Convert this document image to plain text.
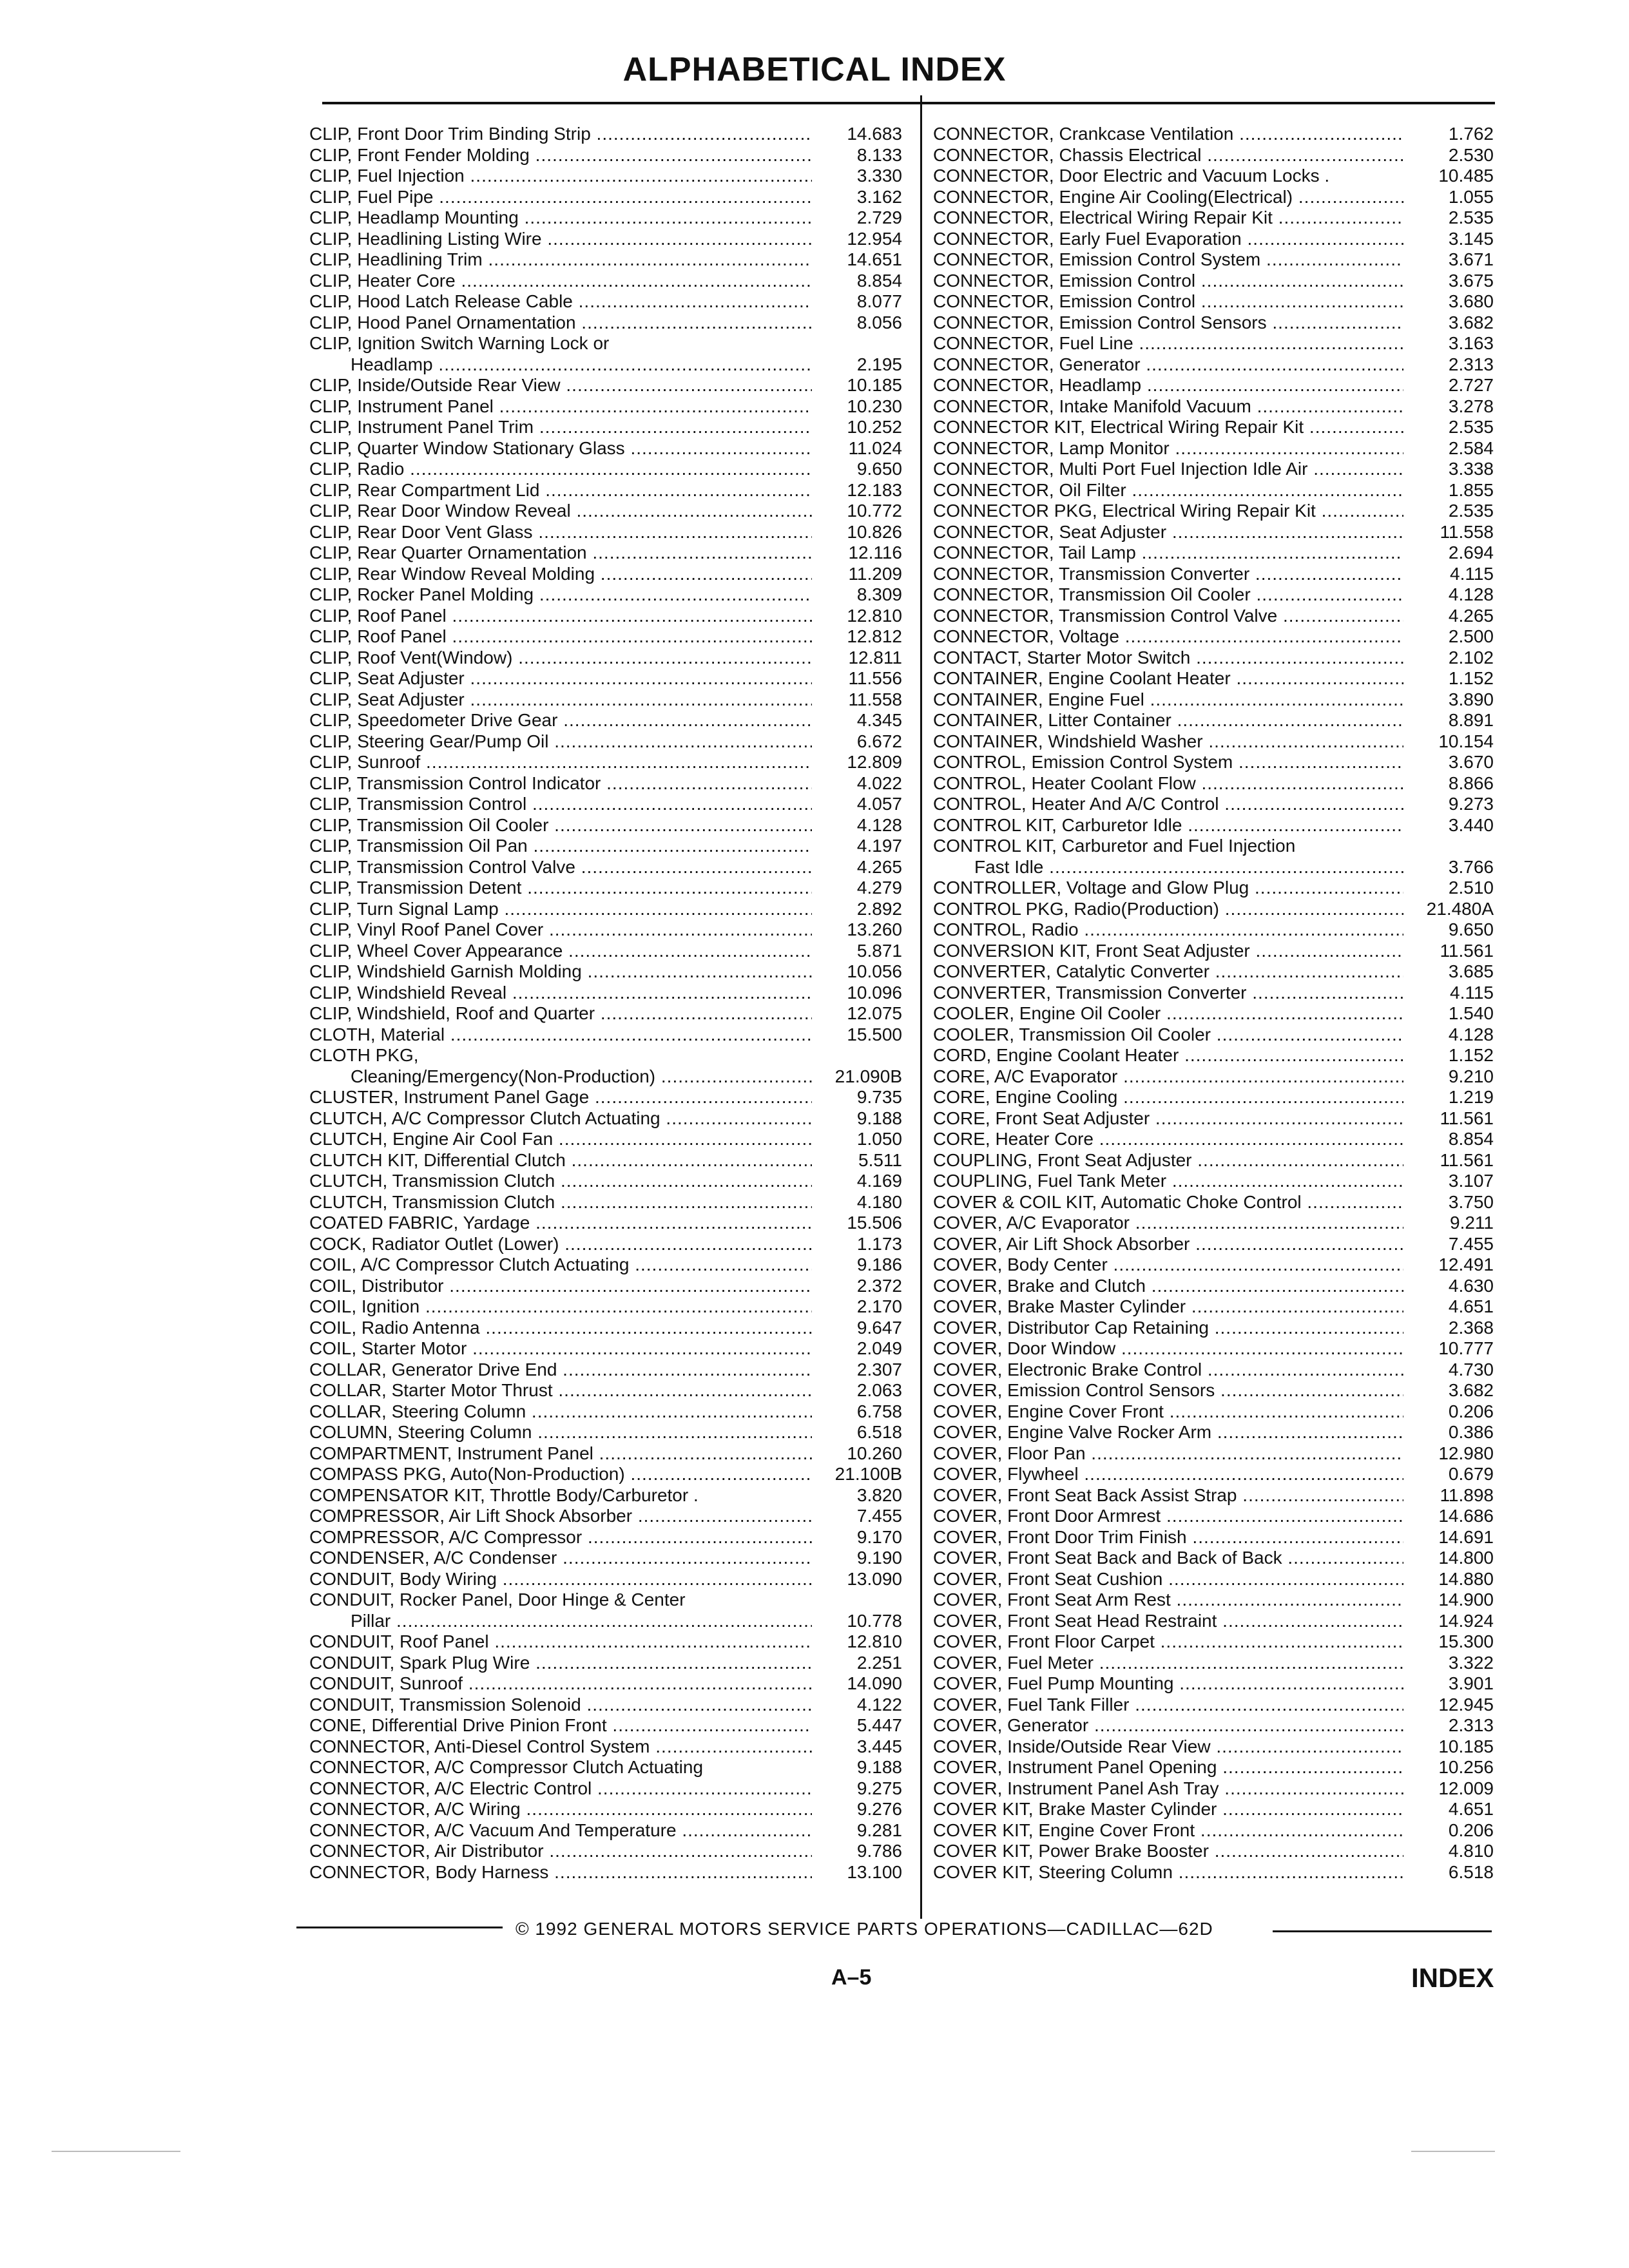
ALPHABETICAL INDEX
CLIP, Front Door Trim Binding Strip .....	14.683
CLIP, Front Fender Molding .....	8.133
CLIP, Fuel Injection .....	3.330
CLIP, Fuel Pipe .....	3.162
CLIP, Headlamp Mounting .....	2.729
CLIP, Headlining Listing Wire .....	12.954
CLIP, Headlining Trim .....	14.651
CLIP, Heater Core .....	8.854
CLIP, Hood Latch Release Cable .....	8.077
CLIP, Hood Panel Ornamentation .....	8.056
CLIP, Ignition Switch Warning Lock or
Headlamp .....	2.195
CLIP, Inside/Outside Rear View .....	10.185
CLIP, Instrument Panel .....	10.230
CLIP, Instrument Panel Trim .....	10.252
CLIP, Quarter Window Stationary Glass .....	11.024
CLIP, Radio .....	9.650
CLIP, Rear Compartment Lid .....	12.183
CLIP, Rear Door Window Reveal .....	10.772
CLIP, Rear Door Vent Glass .....	10.826
CLIP, Rear Quarter Ornamentation .....	12.116
CLIP, Rear Window Reveal Molding .....	11.209
CLIP, Rocker Panel Molding .....	8.309
CLIP, Roof Panel .....	12.810
CLIP, Roof Panel .....	12.812
CLIP, Roof Vent(Window) .....	12.811
CLIP, Seat Adjuster .....	11.556
CLIP, Seat Adjuster .....	11.558
CLIP, Speedometer Drive Gear .....	4.345
CLIP, Steering Gear/Pump Oil .....	6.672
CLIP, Sunroof .....	12.809
CLIP, Transmission Control Indicator .....	4.022
CLIP, Transmission Control .....	4.057
CLIP, Transmission Oil Cooler .....	4.128
CLIP, Transmission Oil Pan .....	4.197
CLIP, Transmission Control Valve .....	4.265
CLIP, Transmission Detent .....	4.279
CLIP, Turn Signal Lamp .....	2.892
CLIP, Vinyl Roof Panel Cover .....	13.260
CLIP, Wheel Cover Appearance .....	5.871
CLIP, Windshield Garnish Molding .....	10.056
CLIP, Windshield Reveal .....	10.096
CLIP, Windshield, Roof and Quarter .....	12.075
CLOTH, Material .....	15.500
CLOTH PKG,
Cleaning/Emergency(Non-Production) .....	21.090B
CLUSTER, Instrument Panel Gage .....	9.735
CLUTCH, A/C Compressor Clutch Actuating .....	9.188
CLUTCH, Engine Air Cool Fan .....	1.050
CLUTCH KIT, Differential Clutch .....	5.511
CLUTCH, Transmission Clutch .....	4.169
CLUTCH, Transmission Clutch .....	4.180
COATED FABRIC, Yardage .....	15.506
COCK, Radiator Outlet (Lower) .....	1.173
COIL, A/C Compressor Clutch Actuating .....	9.186
COIL, Distributor .....	2.372
COIL, Ignition .....	2.170
COIL, Radio Antenna .....	9.647
COIL, Starter Motor .....	2.049
COLLAR, Generator Drive End .....	2.307
COLLAR, Starter Motor Thrust .....	2.063
COLLAR, Steering Column .....	6.758
COLUMN, Steering Column .....	6.518
COMPARTMENT, Instrument Panel .....	10.260
COMPASS PKG, Auto(Non-Production) .....	21.100B
COMPENSATOR KIT, Throttle Body/Carburetor .	3.820
COMPRESSOR, Air Lift Shock Absorber .....	7.455
COMPRESSOR, A/C Compressor .....	9.170
CONDENSER, A/C Condenser .....	9.190
CONDUIT, Body Wiring .....	13.090
CONDUIT, Rocker Panel, Door Hinge & Center
Pillar .....	10.778
CONDUIT, Roof Panel .....	12.810
CONDUIT, Spark Plug Wire .....	2.251
CONDUIT, Sunroof .....	14.090
CONDUIT, Transmission Solenoid .....	4.122
CONE, Differential Drive Pinion Front .....	5.447
CONNECTOR, Anti-Diesel Control System .....	3.445
CONNECTOR, A/C Compressor Clutch Actuating	9.188
CONNECTOR, A/C Electric Control .....	9.275
CONNECTOR, A/C Wiring .....	9.276
CONNECTOR, A/C Vacuum And Temperature .....	9.281
CONNECTOR, Air Distributor .....	9.786
CONNECTOR, Body Harness .....	13.100
CONNECTOR, Crankcase Ventilation .....	1.762
CONNECTOR, Chassis Electrical .....	2.530
CONNECTOR, Door Electric and Vacuum Locks .	10.485
CONNECTOR, Engine Air Cooling(Electrical) .....	1.055
CONNECTOR, Electrical Wiring Repair Kit .....	2.535
CONNECTOR, Early Fuel Evaporation .....	3.145
CONNECTOR, Emission Control System .....	3.671
CONNECTOR, Emission Control .....	3.675
CONNECTOR, Emission Control .....	3.680
CONNECTOR, Emission Control Sensors .....	3.682
CONNECTOR, Fuel Line .....	3.163
CONNECTOR, Generator .....	2.313
CONNECTOR, Headlamp .....	2.727
CONNECTOR, Intake Manifold Vacuum .....	3.278
CONNECTOR KIT, Electrical Wiring Repair Kit .....	2.535
CONNECTOR, Lamp Monitor .....	2.584
CONNECTOR, Multi Port Fuel Injection Idle Air .....	3.338
CONNECTOR, Oil Filter .....	1.855
CONNECTOR PKG, Electrical Wiring Repair Kit .....	2.535
CONNECTOR, Seat Adjuster .....	11.558
CONNECTOR, Tail Lamp .....	2.694
CONNECTOR, Transmission Converter .....	4.115
CONNECTOR, Transmission Oil Cooler .....	4.128
CONNECTOR, Transmission Control Valve .....	4.265
CONNECTOR, Voltage .....	2.500
CONTACT, Starter Motor Switch .....	2.102
CONTAINER, Engine Coolant Heater .....	1.152
CONTAINER, Engine Fuel .....	3.890
CONTAINER, Litter Container .....	8.891
CONTAINER, Windshield Washer .....	10.154
CONTROL, Emission Control System .....	3.670
CONTROL, Heater Coolant Flow .....	8.866
CONTROL, Heater And A/C Control .....	9.273
CONTROL KIT, Carburetor Idle .....	3.440
CONTROL KIT, Carburetor and Fuel Injection
Fast Idle .....	3.766
CONTROLLER, Voltage and Glow Plug .....	2.510
CONTROL PKG, Radio(Production) .....	21.480A
CONTROL, Radio .....	9.650
CONVERSION KIT, Front Seat Adjuster .....	11.561
CONVERTER, Catalytic Converter .....	3.685
CONVERTER, Transmission Converter .....	4.115
COOLER, Engine Oil Cooler .....	1.540
COOLER, Transmission Oil Cooler .....	4.128
CORD, Engine Coolant Heater .....	1.152
CORE, A/C Evaporator .....	9.210
CORE, Engine Cooling .....	1.219
CORE, Front Seat Adjuster .....	11.561
CORE, Heater Core .....	8.854
COUPLING, Front Seat Adjuster .....	11.561
COUPLING, Fuel Tank Meter .....	3.107
COVER & COIL KIT, Automatic Choke Control .....	3.750
COVER, A/C Evaporator .....	9.211
COVER, Air Lift Shock Absorber .....	7.455
COVER, Body Center .....	12.491
COVER, Brake and Clutch .....	4.630
COVER, Brake Master Cylinder .....	4.651
COVER, Distributor Cap Retaining .....	2.368
COVER, Door Window .....	10.777
COVER, Electronic Brake Control .....	4.730
COVER, Emission Control Sensors .....	3.682
COVER, Engine Cover Front .....	0.206
COVER, Engine Valve Rocker Arm .....	0.386
COVER, Floor Pan .....	12.980
COVER, Flywheel .....	0.679
COVER, Front Seat Back Assist Strap .....	11.898
COVER, Front Door Armrest .....	14.686
COVER, Front Door Trim Finish .....	14.691
COVER, Front Seat Back and Back of Back .....	14.800
COVER, Front Seat Cushion .....	14.880
COVER, Front Seat Arm Rest .....	14.900
COVER, Front Seat Head Restraint .....	14.924
COVER, Front Floor Carpet .....	15.300
COVER, Fuel Meter .....	3.322
COVER, Fuel Pump Mounting .....	3.901
COVER, Fuel Tank Filler .....	12.945
COVER, Generator .....	2.313
COVER, Inside/Outside Rear View .....	10.185
COVER, Instrument Panel Opening .....	10.256
COVER, Instrument Panel Ash Tray .....	12.009
COVER KIT, Brake Master Cylinder .....	4.651
COVER KIT, Engine Cover Front .....	0.206
COVER KIT, Power Brake Booster .....	4.810
COVER KIT, Steering Column .....	6.518
© 1992 GENERAL MOTORS SERVICE PARTS OPERATIONS—CADILLAC—62D
A–5	INDEX
